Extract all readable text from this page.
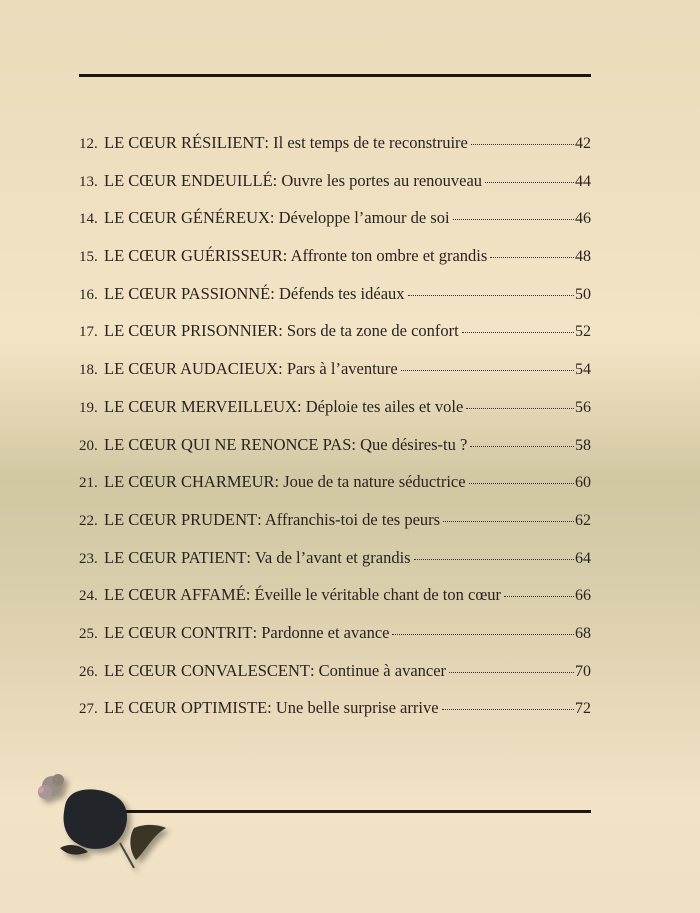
12. LE CŒUR RÉSILIENT : Il est temps de te reconstruire	42
13. LE CŒUR ENDEUILLÉ : Ouvre les portes au renouveau	44
14. LE CŒUR GÉNÉREUX : Développe l’amour de soi	46
15. LE CŒUR GUÉRISSEUR : Affronte ton ombre et grandis	48
16. LE CŒUR PASSIONNÉ : Défends tes idéaux	50
17. LE CŒUR PRISONNIER : Sors de ta zone de confort	52
18. LE CŒUR AUDACIEUX : Pars à l’aventure	54
19. LE CŒUR MERVEILLEUX : Déploie tes ailes et vole	56
20. LE CŒUR QUI NE RENONCE PAS : Que désires-tu ?	58
21. LE CŒUR CHARMEUR : Joue de ta nature séductrice	60
22. LE CŒUR PRUDENT : Affranchis-toi de tes peurs	62
23. LE CŒUR PATIENT : Va de l’avant et grandis	64
24. LE CŒUR AFFAMÉ : Éveille le véritable chant de ton cœur	66
25. LE CŒUR CONTRIT : Pardonne et avance	68
26. LE CŒUR CONVALESCENT : Continue à avancer	70
27. LE CŒUR OPTIMISTE : Une belle surprise arrive	72
